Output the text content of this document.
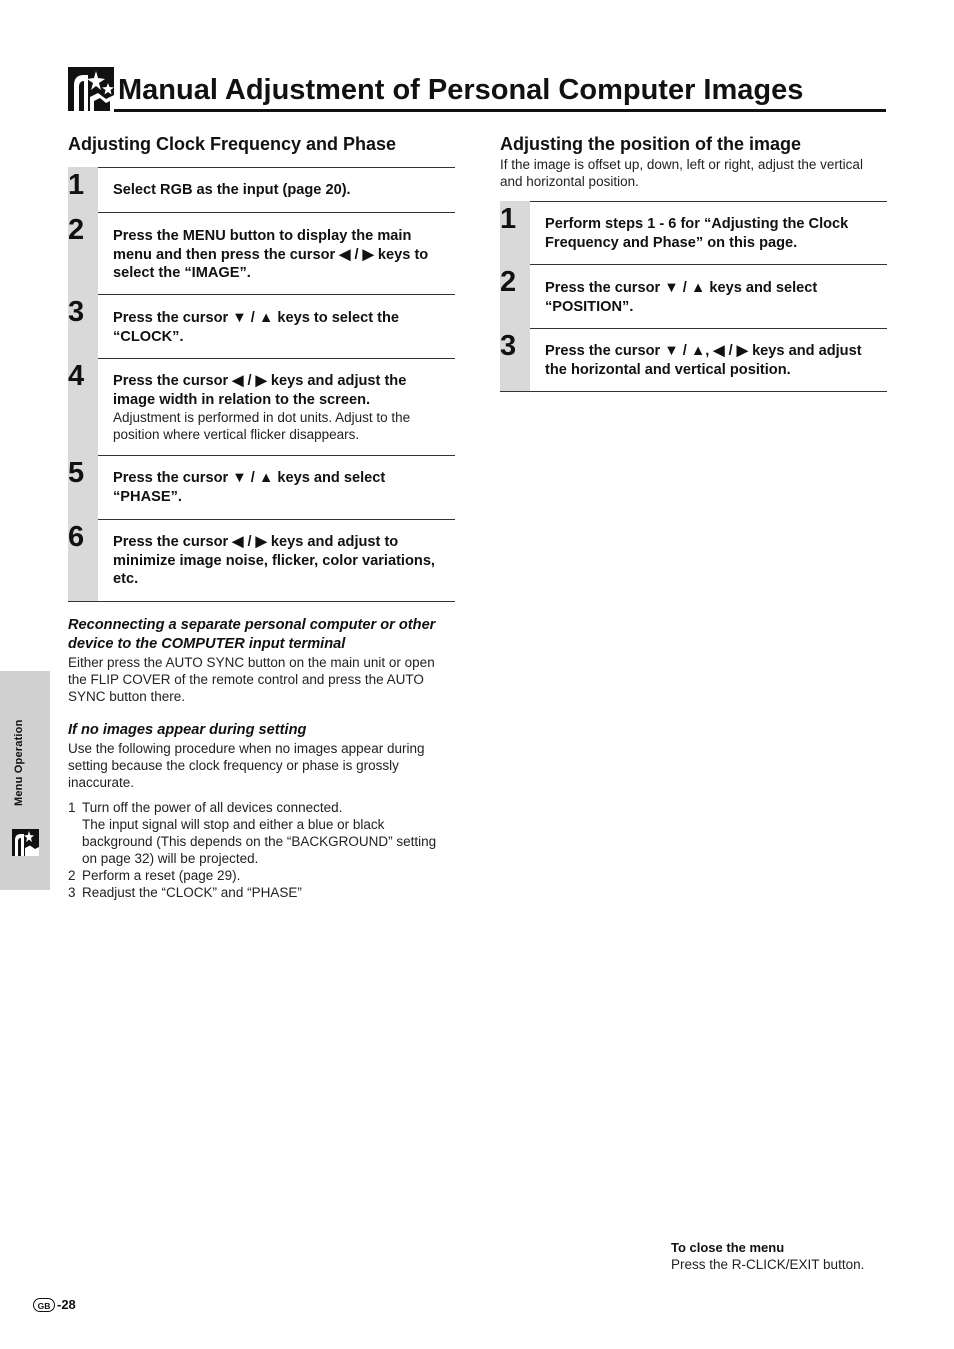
Manual Adjustment of Personal Computer Images
Adjusting Clock Frequency and Phase
1 Select RGB as the input (page 20).
2 Press the MENU button to display the main menu and then press the cursor ◀ / ▶ keys to select the “IMAGE”.
3 Press the cursor ▼ / ▲ keys to select the “CLOCK”.
4 Press the cursor ◀ / ▶ keys and adjust the image width in relation to the screen.
Adjustment is performed in dot units. Adjust to the position where vertical flicker disappears.
5 Press the cursor ▼ / ▲ keys and select “PHASE”.
6 Press the cursor ◀ / ▶ keys and adjust to minimize image noise, flicker, color variations, etc.
Reconnecting a separate personal computer or other device to the COMPUTER input terminal
Either press the AUTO SYNC button on the main unit or open the FLIP COVER of the remote control and press the AUTO SYNC button there.
If no images appear during setting
Use the following procedure when no images appear during setting because the clock frequency or phase is grossly inaccurate.
1 Turn off the power of all devices connected.
The input signal will stop and either a blue or black background (This depends on the “BACKGROUND” setting on page 32) will be projected.
2 Perform a reset (page 29).
3 Readjust the “CLOCK” and “PHASE”
Adjusting the position of the image
If the image is offset up, down, left or right, adjust the vertical and horizontal position.
1 Perform steps 1 - 6 for “Adjusting the Clock Frequency and Phase” on this page.
2 Press the cursor ▼ / ▲ keys and select “POSITION”.
3 Press the cursor ▼ / ▲, ◀ / ▶ keys and adjust the horizontal and vertical position.
Menu Operation
To close the menu
Press the R-CLICK/EXIT button.
GB -28
